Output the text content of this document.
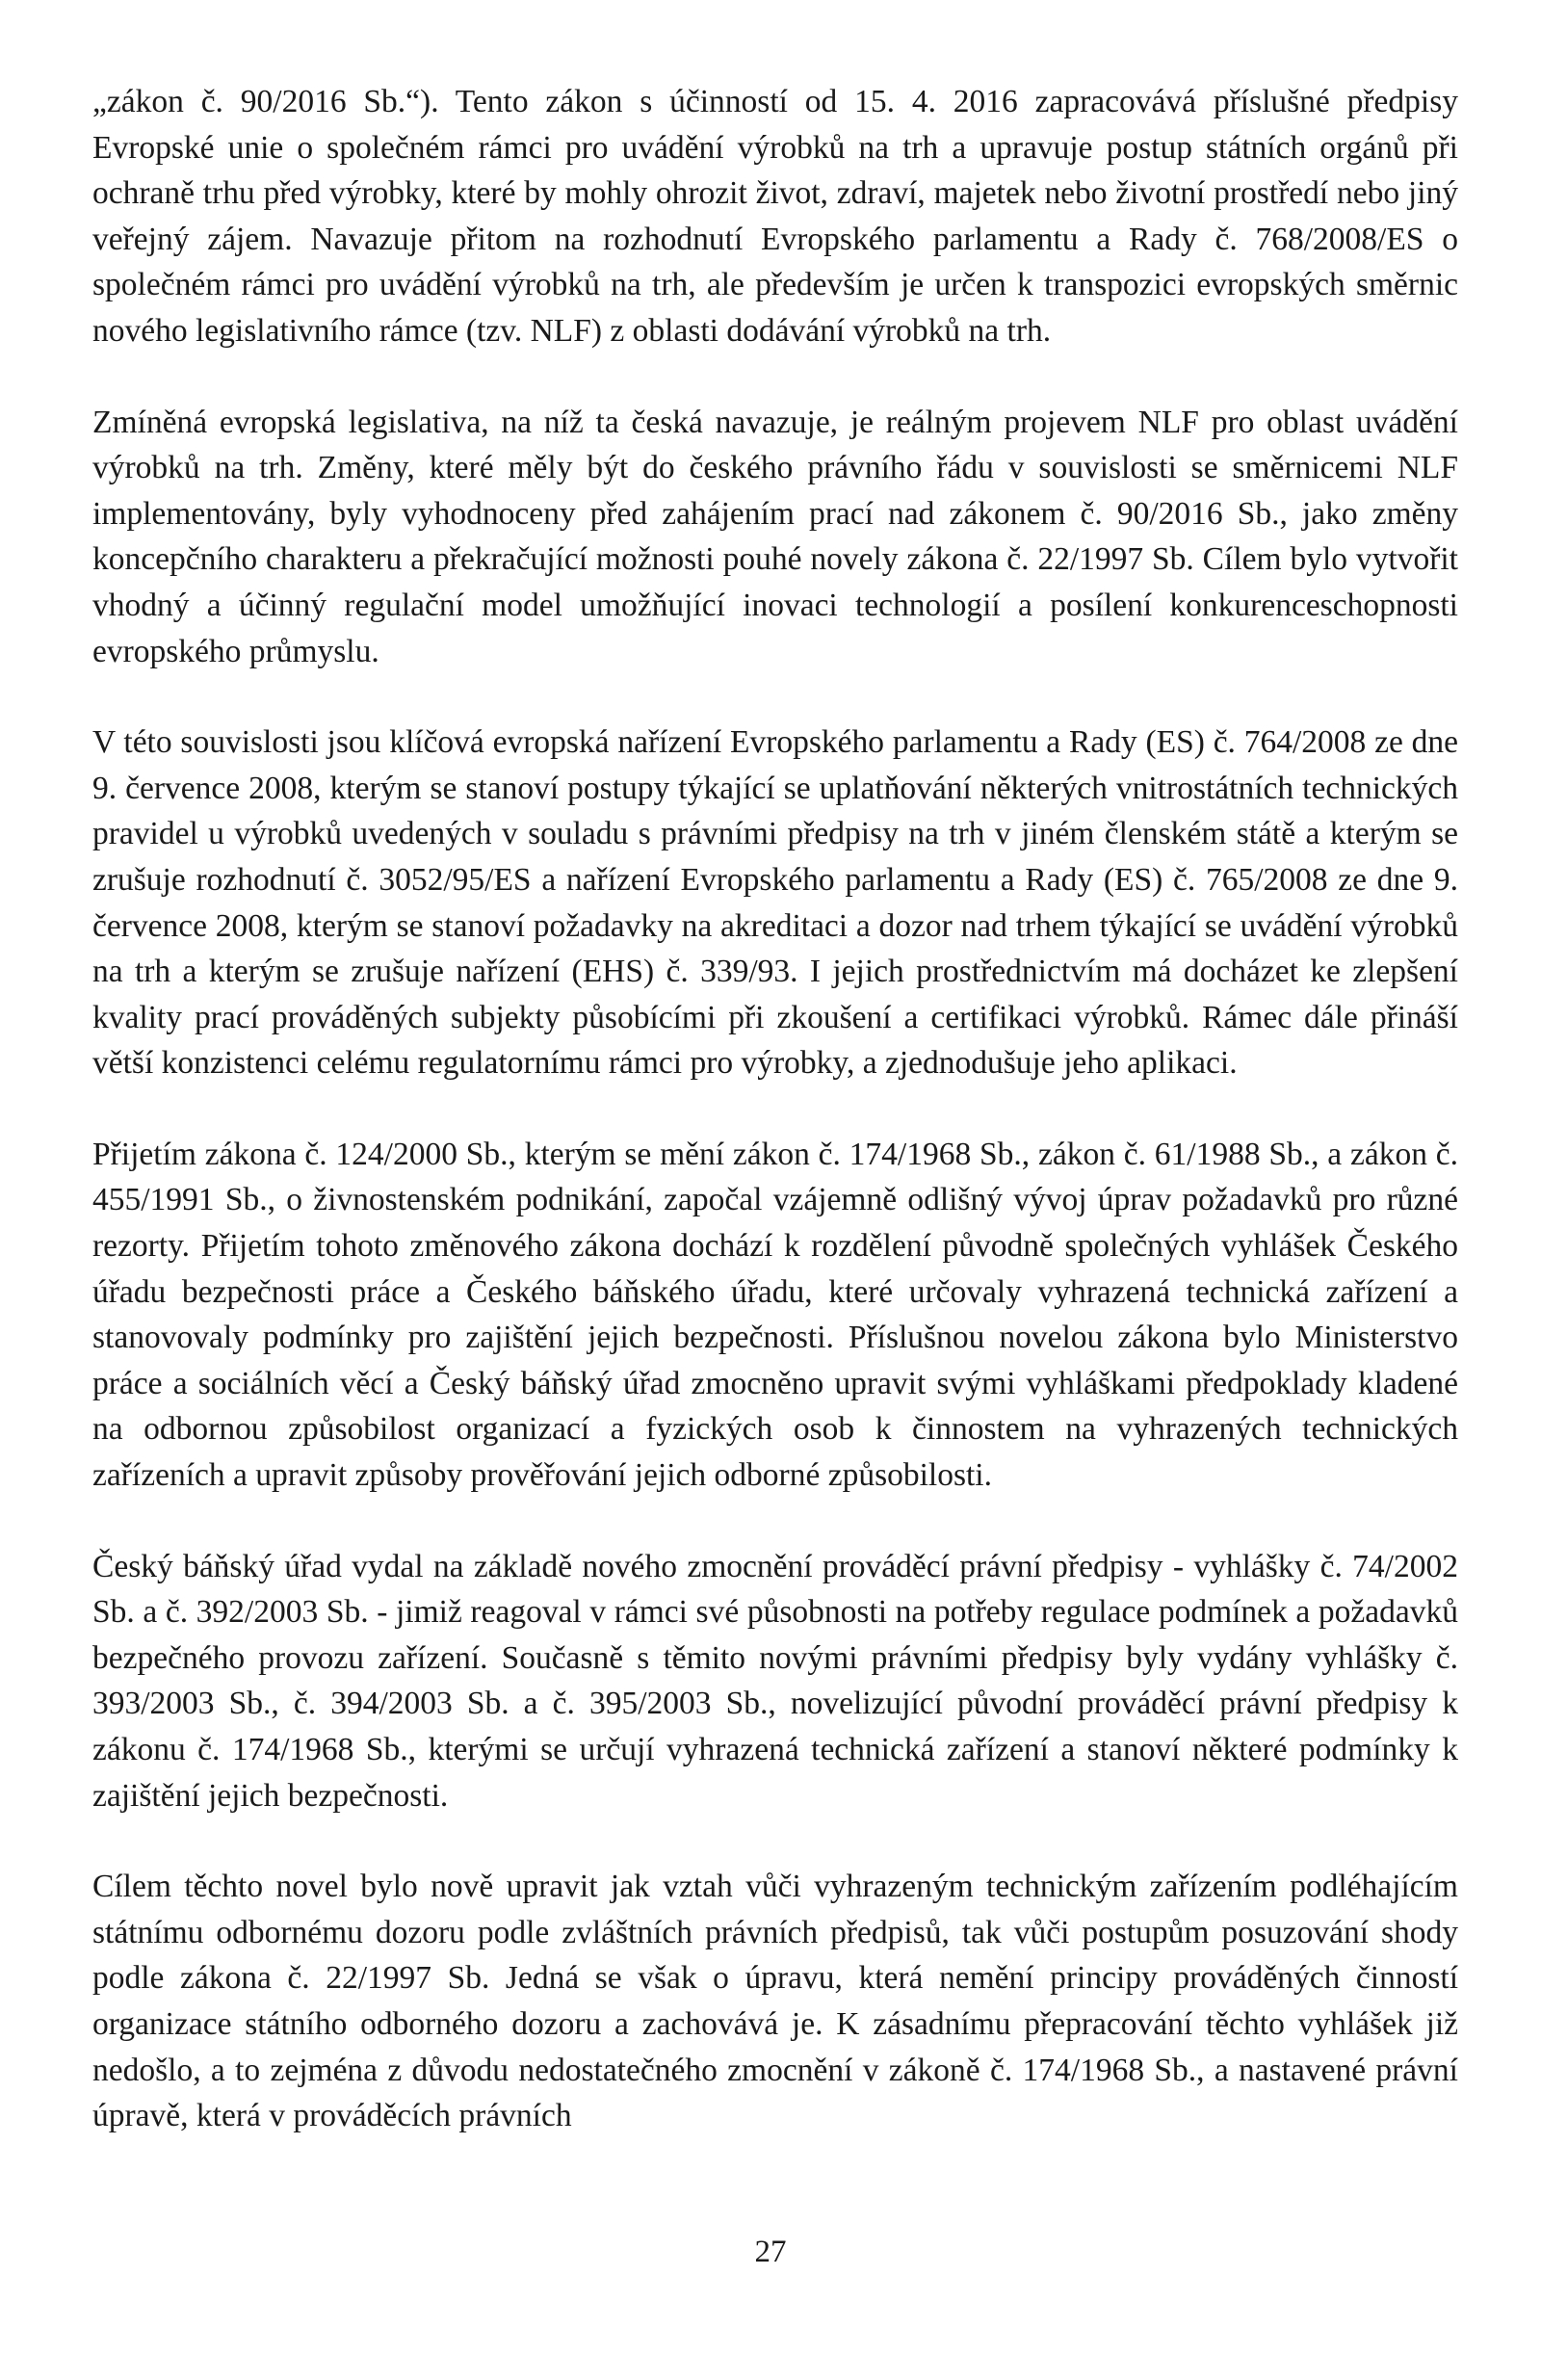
„zákon č. 90/2016 Sb.“). Tento zákon s účinností od 15. 4. 2016 zapracovává příslušné předpisy Evropské unie o společném rámci pro uvádění výrobků na trh a upravuje postup státních orgánů při ochraně trhu před výrobky, které by mohly ohrozit život, zdraví, majetek nebo životní prostředí nebo jiný veřejný zájem. Navazuje přitom na rozhodnutí Evropského parlamentu a Rady č. 768/2008/ES o společném rámci pro uvádění výrobků na trh, ale především je určen k transpozici evropských směrnic nového legislativního rámce (tzv. NLF) z oblasti dodávání výrobků na trh.

Zmíněná evropská legislativa, na níž ta česká navazuje, je reálným projevem NLF pro oblast uvádění výrobků na trh. Změny, které měly být do českého právního řádu v souvislosti se směrnicemi NLF implementovány, byly vyhodnoceny před zahájením prací nad zákonem č. 90/2016 Sb., jako změny koncepčního charakteru a překračující možnosti pouhé novely zákona č. 22/1997 Sb. Cílem bylo vytvořit vhodný a účinný regulační model umožňující inovaci technologií a posílení konkurenceschopnosti evropského průmyslu.

V této souvislosti jsou klíčová evropská nařízení Evropského parlamentu a Rady (ES) č. 764/2008 ze dne 9. července 2008, kterým se stanoví postupy týkající se uplatňování některých vnitrostátních technických pravidel u výrobků uvedených v souladu s právními předpisy na trh v jiném členském státě a kterým se zrušuje rozhodnutí č. 3052/95/ES a nařízení Evropského parlamentu a Rady (ES) č. 765/2008 ze dne 9. července 2008, kterým se stanoví požadavky na akreditaci a dozor nad trhem týkající se uvádění výrobků na trh a kterým se zrušuje nařízení (EHS) č. 339/93. I jejich prostřednictvím má docházet ke zlepšení kvality prací prováděných subjekty působícími při zkoušení a certifikaci výrobků. Rámec dále přináší větší konzistenci celému regulatornímu rámci pro výrobky, a zjednodušuje jeho aplikaci.

Přijetím zákona č. 124/2000 Sb., kterým se mění zákon č. 174/1968 Sb., zákon č. 61/1988 Sb., a zákon č. 455/1991 Sb., o živnostenském podnikání, započal vzájemně odlišný vývoj úprav požadavků pro různé rezorty. Přijetím tohoto změnového zákona dochází k rozdělení původně společných vyhlášek Českého úřadu bezpečnosti práce a Českého báňského úřadu, které určovaly vyhrazená technická zařízení a stanovovaly podmínky pro zajištění jejich bezpečnosti. Příslušnou novelou zákona bylo Ministerstvo práce a sociálních věcí a Český báňský úřad zmocněno upravit svými vyhláškami předpoklady kladené na odbornou způsobilost organizací a fyzických osob k činnostem na vyhrazených technických zařízeních a upravit způsoby prověřování jejich odborné způsobilosti.

Český báňský úřad vydal na základě nového zmocnění prováděcí právní předpisy - vyhlášky č. 74/2002 Sb. a č. 392/2003 Sb. - jimiž reagoval v rámci své působnosti na potřeby regulace podmínek a požadavků bezpečného provozu zařízení. Současně s těmito novými právními předpisy byly vydány vyhlášky č. 393/2003 Sb., č. 394/2003 Sb. a č. 395/2003 Sb., novelizující původní prováděcí právní předpisy k zákonu č. 174/1968 Sb., kterými se určují vyhrazená technická zařízení a stanoví některé podmínky k zajištění jejich bezpečnosti.

Cílem těchto novel bylo nově upravit jak vztah vůči vyhrazeným technickým zařízením podléhajícím státnímu odbornému dozoru podle zvláštních právních předpisů, tak vůči postupům posuzování shody podle zákona č. 22/1997 Sb. Jedná se však o úpravu, která nemění principy prováděných činností organizace státního odborného dozoru a zachovává je. K zásadnímu přepracování těchto vyhlášek již nedošlo, a to zejména z důvodu nedostatečného zmocnění v zákoně č. 174/1968 Sb., a nastavené právní úpravě, která v prováděcích právních

27
